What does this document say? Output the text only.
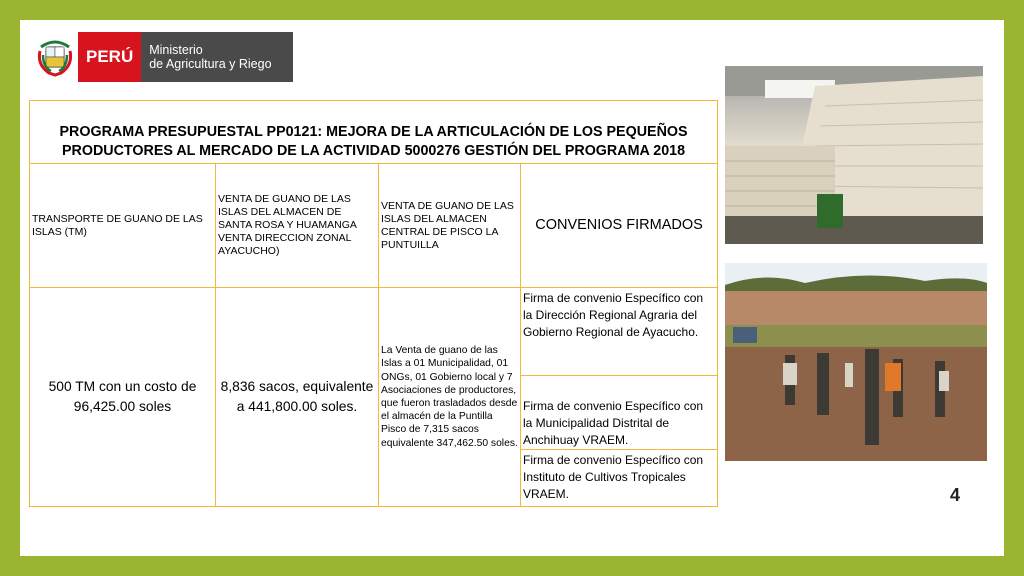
PERÚ	Ministerio
de Agricultura y Riego
PROGRAMA PRESUPUESTAL PP0121: MEJORA DE LA ARTICULACIÓN DE LOS PEQUEÑOS PRODUCTORES AL MERCADO DE LA ACTIVIDAD 5000276 GESTIÓN DEL PROGRAMA 2018			
TRANSPORTE DE GUANO DE LAS ISLAS (TM)	VENTA DE GUANO DE LAS ISLAS DEL ALMACEN DE SANTA ROSA Y HUAMANGA VENTA DIRECCION ZONAL AYACUCHO)	VENTA DE GUANO DE LAS ISLAS DEL ALMACEN CENTRAL DE PISCO LA PUNTUILLA	CONVENIOS FIRMADOS
500 TM con un costo de 96,425.00 soles	8,836 sacos, equivalente a 441,800.00 soles.	La Venta de guano de las Islas a 01 Municipalidad, 01 ONGs, 01 Gobierno local y 7 Asociaciones de productores, que fueron trasladados desde el almacén de la Puntilla Pisco de 7,315 sacos equivalente 347,462.50 soles.	Firma de convenio Específico con la Dirección Regional Agraria del Gobierno Regional de Ayacucho.
			Firma de convenio Específico con la Municipalidad Distrital de Anchihuay VRAEM.
			Firma de convenio Específico con Instituto de Cultivos Tropicales VRAEM.	4
